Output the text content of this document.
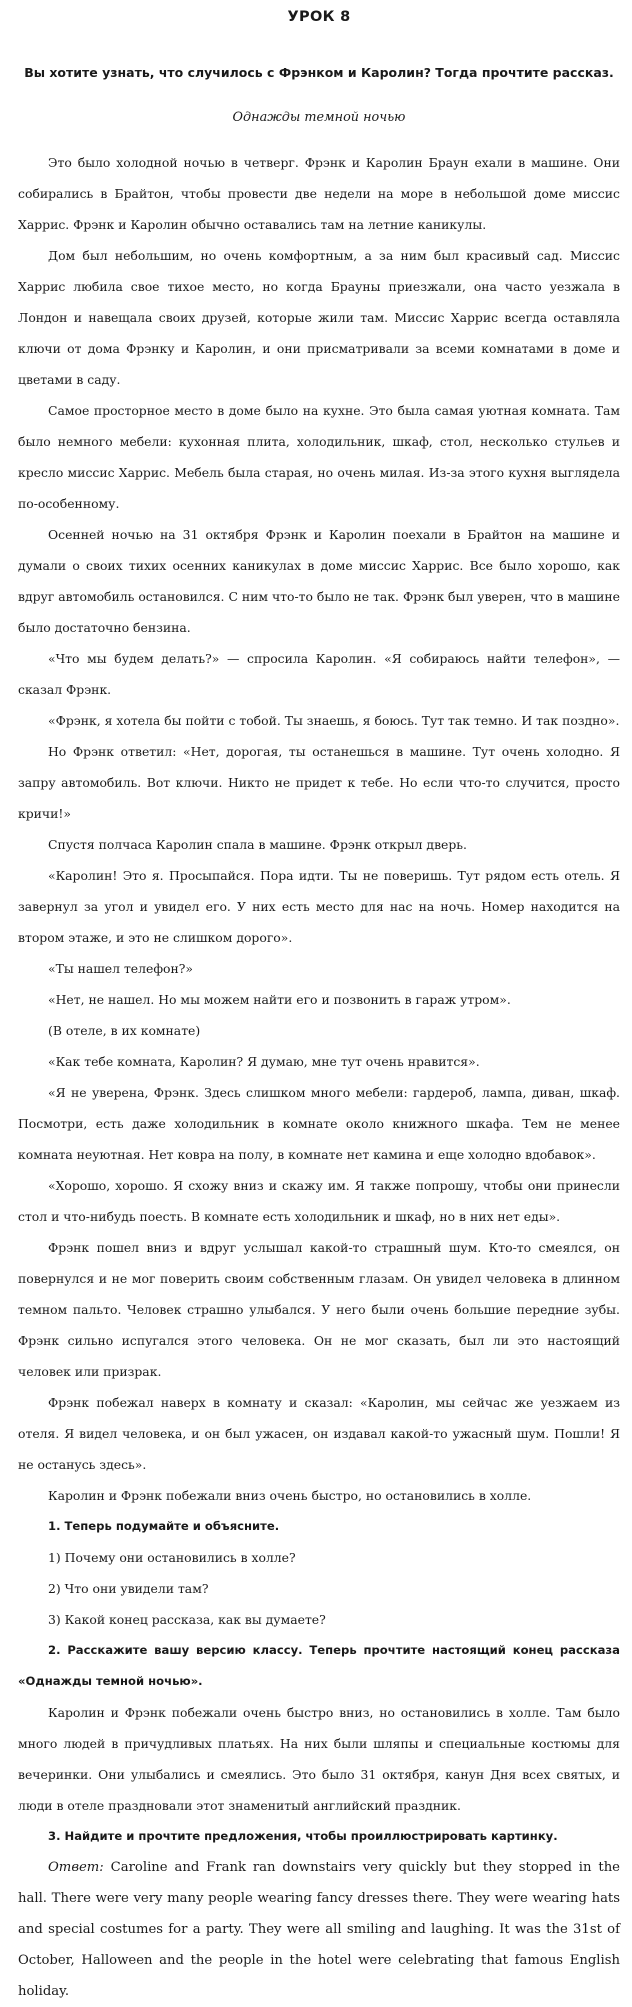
УРОК 8

Вы хотите узнать, что случилось с Фрэнком и Каролин? Тогда прочтите рассказ.

Однажды темной ночью

Это было холодной ночью в четверг. Фрэнк и Каролин Браун ехали в машине. Они собирались в Брайтон, чтобы провести две недели на море в небольшой доме миссис Харрис. Фрэнк и Каролин обычно оставались там на летние каникулы.

Дом был небольшим, но очень комфортным, а за ним был красивый сад. Миссис Харрис любила свое тихое место, но когда Брауны приезжали, она часто уезжала в Лондон и навещала своих друзей, которые жили там. Миссис Харрис всегда оставляла ключи от дома Фрэнку и Каролин, и они присматривали за всеми комнатами в доме и цветами в саду.

Самое просторное место в доме было на кухне. Это была самая уютная комната. Там было немного мебели: кухонная плита, холодильник, шкаф, стол, несколько стульев и кресло миссис Харрис. Мебель была старая, но очень милая. Из-за этого кухня выглядела по-особенному.

Осенней ночью на 31 октября Фрэнк и Каролин поехали в Брайтон на машине и думали о своих тихих осенних каникулах в доме миссис Харрис. Все было хорошо, как вдруг автомобиль остановился. С ним что-то было не так. Фрэнк был уверен, что в машине было достаточно бензина.

«Что мы будем делать?» — спросила Каролин. «Я собираюсь найти телефон», — сказал Фрэнк.

«Фрэнк, я хотела бы пойти с тобой. Ты знаешь, я боюсь. Тут так темно. И так поздно».

Но Фрэнк ответил: «Нет, дорогая, ты останешься в машине. Тут очень холодно. Я запру автомобиль. Вот ключи. Никто не придет к тебе. Но если что-то случится, просто кричи!»

Спустя полчаса Каролин спала в машине. Фрэнк открыл дверь.

«Каролин! Это я. Просыпайся. Пора идти. Ты не поверишь. Тут рядом есть отель. Я завернул за угол и увидел его. У них есть место для нас на ночь. Номер находится на втором этаже, и это не слишком дорого».

«Ты нашел телефон?»

«Нет, не нашел. Но мы можем найти его и позвонить в гараж утром».

(В отеле, в их комнате)

«Как тебе комната, Каролин? Я думаю, мне тут очень нравится».

«Я не уверена, Фрэнк. Здесь слишком много мебели: гардероб, лампа, диван, шкаф. Посмотри, есть даже холодильник в комнате около книжного шкафа. Тем не менее комната неуютная. Нет ковра на полу, в комнате нет камина и еще холодно вдобавок».

«Хорошо, хорошо. Я схожу вниз и скажу им. Я также попрошу, чтобы они принесли стол и что-нибудь поесть. В комнате есть холодильник и шкаф, но в них нет еды».

Фрэнк пошел вниз и вдруг услышал какой-то страшный шум. Кто-то смеялся, он повернулся и не мог поверить своим собственным глазам. Он увидел человека в длинном темном пальто. Человек страшно улыбался. У него были очень большие передние зубы. Фрэнк сильно испугался этого человека. Он не мог сказать, был ли это настоящий человек или призрак.

Фрэнк побежал наверх в комнату и сказал: «Каролин, мы сейчас же уезжаем из отеля. Я видел человека, и он был ужасен, он издавал какой-то ужасный шум. Пошли! Я не останусь здесь».

Каролин и Фрэнк побежали вниз очень быстро, но остановились в холле.

1. Теперь подумайте и объясните.

1) Почему они остановились в холле?

2) Что они увидели там?

3) Какой конец рассказа, как вы думаете?

2. Расскажите вашу версию классу. Теперь прочтите настоящий конец рассказа «Однажды темной ночью».

Каролин и Фрэнк побежали очень быстро вниз, но остановились в холле. Там было много людей в причудливых платьях. На них были шляпы и специальные костюмы для вечеринки. Они улыбались и смеялись. Это было 31 октября, канун Дня всех святых, и люди в отеле праздновали этот знаменитый английский праздник.

3. Найдите и прочтите предложения, чтобы проиллюстрировать картинку.

Ответ: Caroline and Frank ran downstairs very quickly but they stopped in the hall. There were very many people wearing fancy dresses there. They were wearing hats and special costumes for a party. They were all smiling and laughing. It was the 31st of October, Halloween and the people in the hotel were celebrating that famous English holiday.
